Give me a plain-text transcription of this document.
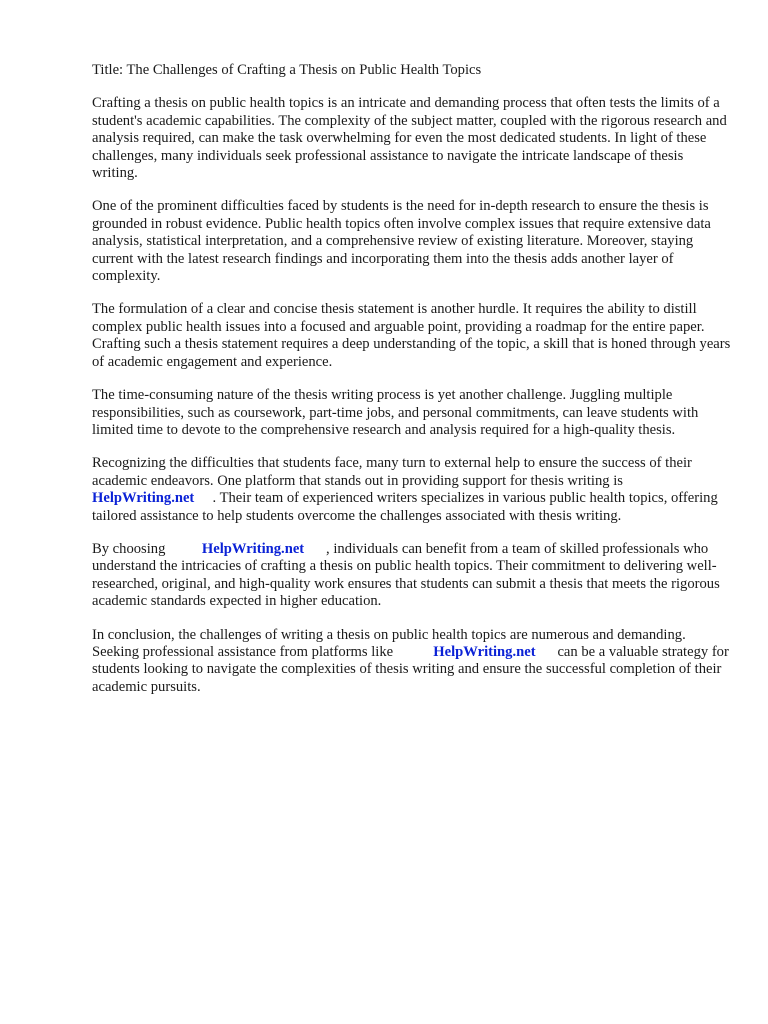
Title: The Challenges of Crafting a Thesis on Public Health Topics

Crafting a thesis on public health topics is an intricate and demanding process that often tests the limits of a student's academic capabilities. The complexity of the subject matter, coupled with the rigorous research and analysis required, can make the task overwhelming for even the most dedicated students. In light of these challenges, many individuals seek professional assistance to navigate the intricate landscape of thesis writing.

One of the prominent difficulties faced by students is the need for in-depth research to ensure the thesis is grounded in robust evidence. Public health topics often involve complex issues that require extensive data analysis, statistical interpretation, and a comprehensive review of existing literature. Moreover, staying current with the latest research findings and incorporating them into the thesis adds another layer of complexity.

The formulation of a clear and concise thesis statement is another hurdle. It requires the ability to distill complex public health issues into a focused and arguable point, providing a roadmap for the entire paper. Crafting such a thesis statement requires a deep understanding of the topic, a skill that is honed through years of academic engagement and experience.

The time-consuming nature of the thesis writing process is yet another challenge. Juggling multiple responsibilities, such as coursework, part-time jobs, and personal commitments, can leave students with limited time to devote to the comprehensive research and analysis required for a high-quality thesis.

Recognizing the difficulties that students face, many turn to external help to ensure the success of their academic endeavors. One platform that stands out in providing support for thesis writing is
HelpWriting.net . Their team of experienced writers specializes in various public health topics, offering tailored assistance to help students overcome the challenges associated with thesis writing.

By choosing HelpWriting.net , individuals can benefit from a team of skilled professionals who understand the intricacies of crafting a thesis on public health topics. Their commitment to delivering well-researched, original, and high-quality work ensures that students can submit a thesis that meets the rigorous academic standards expected in higher education.

In conclusion, the challenges of writing a thesis on public health topics are numerous and demanding. Seeking professional assistance from platforms like	HelpWriting.net can be a valuable strategy for students looking to navigate the complexities of thesis writing and ensure the successful completion of their academic pursuits.
